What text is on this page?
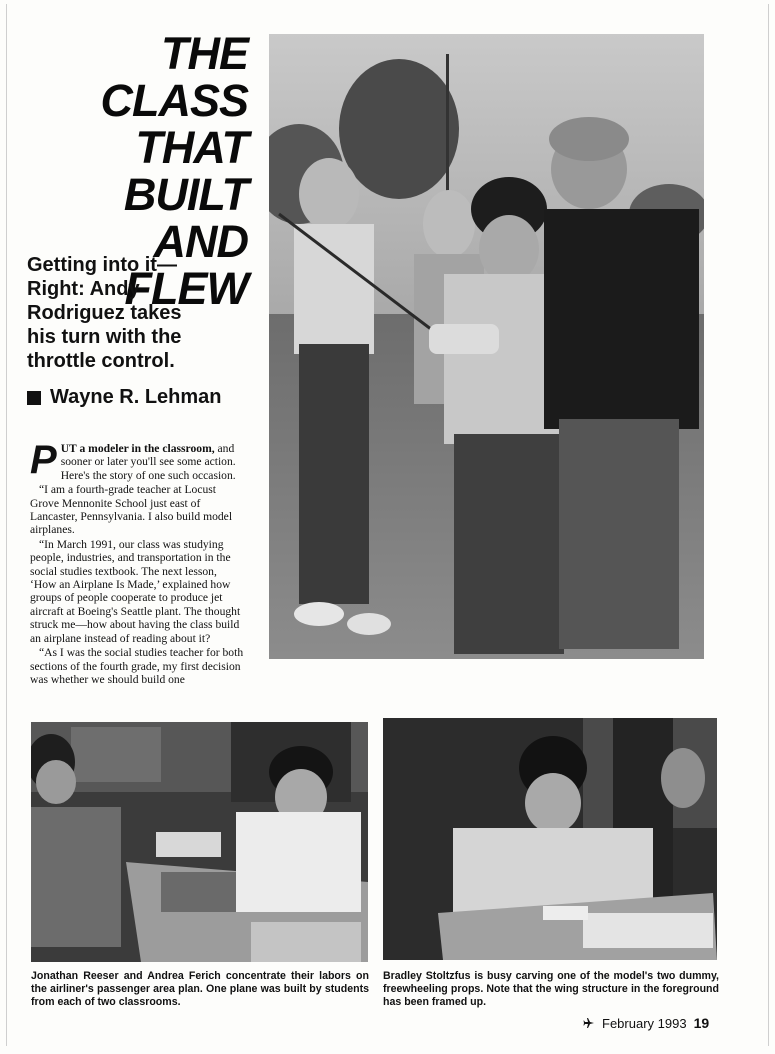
THE CLASS
THAT
BUILT AND
FLEW
Getting into it—
Right: Andy
Rodriguez takes
his turn with the
throttle control.
Wayne R. Lehman

PUT a modeler in the classroom, and sooner or later you'll see some action. Here's the story of one such occasion.

“I am a fourth-grade teacher at Locust Grove Mennonite School just east of Lancaster, Pennsylvania. I also build model airplanes.

“In March 1991, our class was studying people, industries, and transportation in the social studies textbook. The next lesson, ‘How an Airplane Is Made,’ explained how groups of people cooperate to produce jet aircraft at Boeing's Seattle plant. The thought struck me—how about having the class build an airplane instead of reading about it?

“As I was the social studies teacher for both sections of the fourth grade, my first decision was whether we should build one

Jonathan Reeser and Andrea Ferich concentrate their labors on the airliner's passenger area plan. One plane was built by students from each of two classrooms.
Bradley Stoltzfus is busy carving one of the model's two dummy, freewheeling props. Note that the wing structure in the foreground has been framed up.
February 1993 19
